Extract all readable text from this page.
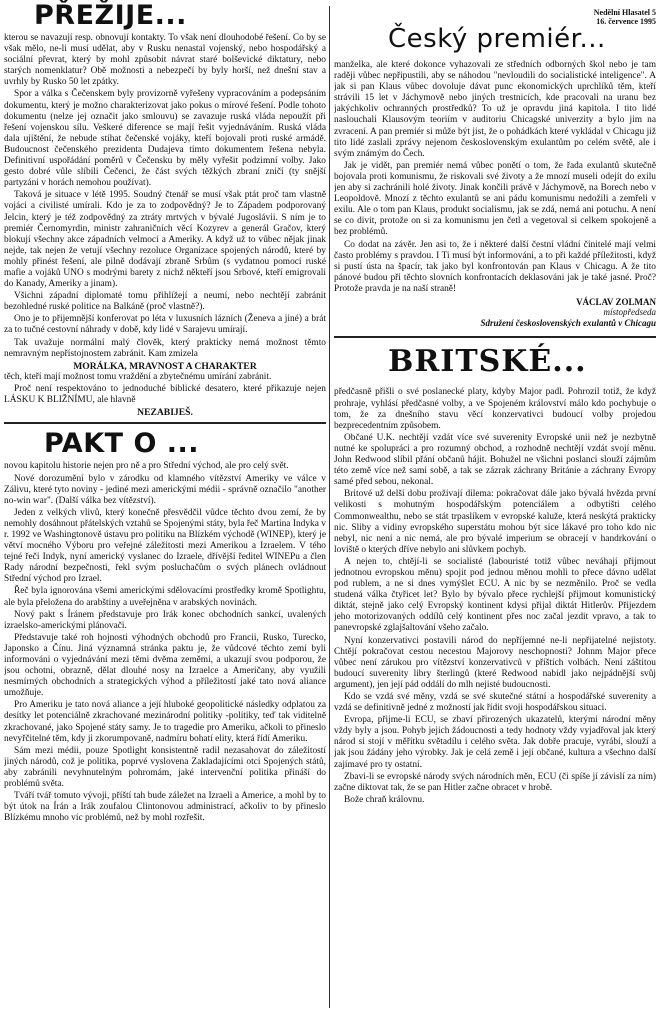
PŘEŽIJE...

kterou se navazují resp. obnovují kontakty. To však není dlouhodobé řešení. Co by se však mělo, ne-li musí udělat, aby v Rusku nenastal vojenský, nebo hospodářský a sociální převrat, který by mohl způsobit návrat staré bolševické diktatury, nebo starých nomenklatur? Obě možnosti a nebezpečí by byly horší, než dnešní stav a uvrhly by Rusko 50 let zpátky.

Spor a válka s Čečenskem byly provizorně vyřešeny vypracováním a podepsáním dokumentu, který je možno charakterizovat jako pokus o mírové řešení. Podle tohoto dokumentu (nelze jej označit jako smlouvu) se zavazuje ruská vláda nepoužít při řešení vojenskou sílu. Veškeré diference se mají řešit vyjednáváním. Ruská vláda dala ujištění, že nebude stíhat čečenské vojáky, kteří bojovali proti ruské armádě. Budoucnost čečenského prezidenta Dudajeva tímto dokumentem řešena nebyla. Definitivní uspořádání poměrů v Čečensku by měly vyřešit podzimní volby. Jako gesto dobré vůle slíbili Čečenci, že část svých těžkých zbraní zničí (ty snější partyzáni v horách nemohou používat).

Taková je situace v létě 1995. Soudný čtenář se musí však ptát proč tam vlastně vojáci a civilisté umírali. Kdo je za to zodpovědný? Je to Západem podporovaný Jelcin, který je též zodpovědný za ztráty mrtvých v bývalé Jugoslávii. S ním je to premiér Černomyrdin, ministr zahraničních věcí Kozyrev a generál Gračov, který blokují všechny akce západních velmocí a Ameriky. A když už to vůbec nějak jinak nejde, tak nejen že vetují všechny rezoluce Organizace spojených národů, které by mohly přinést řešení, ale pilně dodávají zbraně Srbům (s vydatnou pomocí ruské mafie a vojáků UNO s modrými barety z nichž někteří jsou Srbové, kteří emigrovali do Kanady, Ameriky a jinam).

Všichni západní diplomaté tomu přihlížejí a neumí, nebo nechtějí zabránit bezohledné ruské politice na Balkáně (proč vlastně?).

Ono je to přijemnější konferovat po léta v luxusních lázních (Ženeva a jiné) a brát za to tučné cestovní náhrady v době, kdy lidé v Sarajevu umírají.

Tak uvažuje normální malý člověk, který prakticky nemá možnost těmto nemravným nepřístojnostem zabránit. Kam zmizela

MORÁLKA, MRAVNOST A CHARAKTER

těch, kteří mají možnost tomu vraždění a zbytečnému umírání zabránit.

Proč není respektováno to jednoduché biblické desatero, které přikazuje nejen LÁSKU K BLIŽNÍMU, ale hlavně

NEZABIJEŠ.

PAKT O ...

novou kapitolu historie nejen pro ně a pro Střední východ, ale pro celý svět.

Nové dorozumění bylo v zárodku od klamného vítězství Ameriky ve válce v Zálivu, které tyto noviny - jediné mezi americkými médii - správně označilo "another no-win war". (Další válka bez vítězství).

Jeden z velkých vlivů, který konečně přesvědčil vůdce těchto dvou zemí, že by nemohly dosáhnout přátelských vztahů se Spojenými státy, byla řeč Martina Indyka v r. 1992 ve Washingtonově ústavu pro politiku na Blízkém východě (WINEP), který je větví mocného Výboru pro veřejné záležitosti mezi Amerikou a Izraelem. V tého tejné řeči Indyk, nyní americký vyslanec do Izraele, dřívější ředitel WINEPu a člen Rady národní bezpečnosti, řekl svým posluchačům o svých plánech ovládnout Střední východ pro Izrael.

Řeč byla ignorována všemi americkými sdělovacími prostředky kromě Spotlightu, ale byla přeložena do arabštiny a uveřejněna v arabských novinách.

Nový pakt s Íránem představuje pro Irák konec obchodních sankcí, uvalených izraelsko-americkými plánovači.

Představuje také roh hojnosti výhodných obchodů pro Francii, Rusko, Turecko, Japonsko a Čínu. Jiná významná stránka paktu je, že vůdcové těchto zemí byli informováni o vyjednávání mezi těmi dvěma zeměmi, a ukazují svou podporou, že jsou ochotni, obrazně, dělat dlouhé nosy na Izraelce a Američany, aby využili nesmírných obchodních a strategických výhod a příležitostí jaké tato nová aliance umožňuje.

Pro Ameriku je tato nová aliance a její hluboké geopolitické následky odplatou za desítky let potenciálně zkrachované mezinárodní politiky -politiky, teď tak viditelně zkrachované, jako Spojené státy samy. Je to tragedie pro Ameriku, ačkoli to přineslo nevyřčitelné těm, kdy ji zkorumpovaně, nadmíru bohatí elity, která řídí Ameriku.

Sám mezi médii, pouze Spotlight konsistentně radil nezasahovat do záležitostí jiných národů, což je politika, poprvé vyslovena Zakladajícími otci Spojených států, aby zabránili nevyhnutelným pohromám, jaké intervenční politika přináší do problémů světa.

Tváří tvář tomuto vývoji, příští tah bude záležet na Izraeli a Americe, a mohl by to být útok na Írán a Irák zoufalou Clintonovou administrací, ačkoliv to by přineslo Blízkému mnoho víc problémů, než by mohl rozřešit.

Nedělní Hlasatel 5
16. července 1995
Český premiér...

manželka, ale které dokonce vyhazovali ze středních odborných škol nebo je tam raději vůbec nepřipustili, aby se náhodou "nevloudili do socialistické inteligence". A jak si pan Klaus vůbec dovoluje dávat punc ekonomických uprchlíků těm, kteří strávili 15 let v Jáchymově nebo jiných trestnicích, kde pracovali na uranu bez jakýchkoliv ochranných prostředků? To už je opravdu jiná kapitola. I tito lidé naslouchali Klausovým teoriím v auditoriu Chicagské univerzity a bylo jim na zvracení. A pan premiér si může být jist, že o pohádkách které vykládal v Chicagu již tito lidé zaslali zprávy nejenom československým exulantům po celém světě, ale i svým známým do Čech.

Jak je vidět, pan premiér nemá vůbec ponětí o tom, že řada exulantů skutečně bojovala proti komunismu, že riskovali své životy a že mnozí museli odejít do exilu jen aby si zachránili holé životy. Jinak končili právě v Jáchymově, na Borech nebo v Leopoldově. Mnozí z těchto exulantů se ani pádu komunismu nedožili a zemřeli v exilu. Ale o tom pan Klaus, produkt socialismu, jak se zdá, nemá ani potuchu. A není se co divit, protože on si za komunismu jen četl a vegetoval si celkem spokojeně a bez problémů.

Co dodat na závěr. Jen asi to, že i některé další čestní vládní činitelé mají velmi často problémy s pravdou. I Ti musí být informováni, a to při každé příležitosti, když si pustí ústa na špacír, tak jako byl konfrontován pan Klaus v Chicagu. A že tito pánové budou při těchto slovních konfrontacích deklasováni jak je také jasné. Proč? Protože pravda je na naší straně!

VÁCLAV ZOLMAN
místopředseda
Sdružení československých exulantů v Chicagu
BRITSKÉ...

předčasně přišli o své poslanecké platy, kdyby Major padl. Pohrozil totiž, že když prohraje, vyhlásí předčasné volby, a ve Spojeném království málo kdo pochybuje o tom, že za dnešního stavu věcí konzervativci budoucí volby projedou bezprecedentním způsobem.

Občané U.K. nechtějí vzdát více své suverenity Evropské unii než je nezbytně nutné ke spolupráci a pro rozumný obchod, a rozhodně nechtějí vzdát svojí měnu. John Redwood slíbil přání občanů hájit. Bohužel ne všichni poslanci slouží zájmům této země více než sami sobě, a tak se zázrak záchrany Británie a záchrany Evropy samé před sebou, nekonal.

Britové už delší dobu prožívají dilema: pokračovat dále jako bývalá hvězda první velikosti s mohutným hospodářským potenciálem a odbytišti celého Commonwealthu, nebo se stát trpaslíkem v evropské kaluže, která neskýtá prakticky nic. Sliby a vidiny evropského superstátu mohou být sice lákavé pro toho kdo nic nebyl, nic není a nic nemá, ale pro bývalé imperium se obracejí v handrkování o loviště o kterých dříve nebylo ani slůvkem pochyb.

A nejen to, chtějí-li se socialisté (labouristé totiž vůbec neváhají přijmout jednotnou evropskou měnu) spojit pod jednou měnou mohli to přece dávno udělat pod rublem, a ne si dnes vymýšlet ECU. A nic by se nezměnilo. Proč se vedla studená válka čtyřicet let? Bylo by bývalo přece rychlejší přijmout komunistický diktát, stejně jako celý Evropský kontinent kdysi přijal diktát Hitlerův. Přijezdem jeho motorizovaných oddílů celý kontinent přes noc začal jezdit vpravo, a tak to panevropské zglajšaltování všeho začalo.

Nyní konzervativci postavili národ do nepříjemné ne-li nepřijatelné nejistoty. Chtějí pokračovat cestou necestou Majorovy neschopnosti? Johnm Major přece vůbec není zárukou pro vítězství konzervativců v příštích volbách. Není záštitou budoucí suverenity libry šterlingů (které Redwood nabídl jako nejpádnější svůj argument), jen její pád oddálí do mlh nejisté budoucnosti.

Kdo se vzdá své měny, vzdá se své skutečné státní a hospodářské suverenity a vzdá se definitivně jedné z možností jak řídit svoji hospodářskou situaci.

Evropa, přijme-li ECU, se zbaví přirozených ukazatelů, kterými národní měny vždy byly a jsou. Pohyb jejich žádoucnosti a tedy hodnoty vždy vyjadřoval jak který národ si stojí v měřítku světadílu i celého světa. Jak dobře pracuje, vyrábí, slouží a jak jsou žádány jeho výrobky. Jak je celá země i její občané, kultura a všechno další zajímavé pro ty ostatní.

Zbavi-li se evropské národy svých národních měn, ECU (či spíše jí závislí za ním) začne diktovat tak, že se pan Hitler začne obracet v hrobě.

Bože chraň královnu.
